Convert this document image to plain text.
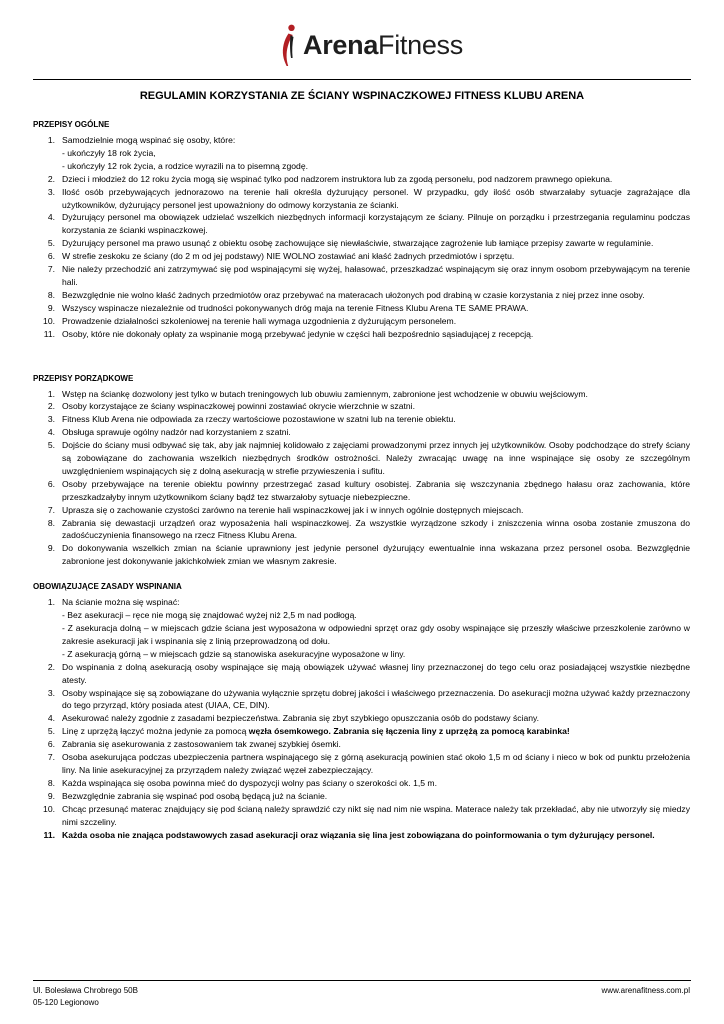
ArenaFitness
REGULAMIN KORZYSTANIA ZE ŚCIANY WSPINACZKOWEJ FITNESS KLUBU ARENA
PRZEPISY OGÓLNE
Samodzielnie mogą wspinać się osoby, które:
- ukończyły 18 rok życia,
- ukończyły 12 rok życia, a rodzice wyrazili na to pisemną zgodę.
Dzieci i młodzież do 12 roku życia mogą się wspinać tylko pod nadzorem instruktora lub za zgodą personelu, pod nadzorem prawnego opiekuna.
Ilość osób przebywających jednorazowo na terenie hali określa dyżurujący personel. W przypadku, gdy ilość osób stwarzałaby sytuacje zagrażające dla użytkowników, dyżurujący personel jest upoważniony do odmowy korzystania ze ścianki.
Dyżurujący personel ma obowiązek udzielać wszelkich niezbędnych informacji korzystającym ze ściany. Pilnuje on porządku i przestrzegania regulaminu podczas korzystania ze ścianki wspinaczkowej.
Dyżurujący personel ma prawo usunąć z obiektu osobę zachowujące się niewłaściwie, stwarzające zagrożenie lub łamiące przepisy zawarte w regulaminie.
W strefie zeskoku ze ściany (do 2 m od jej podstawy) NIE WOLNO zostawiać ani kłaść żadnych przedmiotów i sprzętu.
Nie należy przechodzić ani zatrzymywać się pod wspinającymi się wyżej, hałasować, przeszkadzać wspinającym się oraz innym osobom przebywającym na terenie hali.
Bezwzględnie nie wolno kłaść żadnych przedmiotów oraz przebywać na materacach ułożonych pod drabiną w czasie korzystania z niej przez inne osoby.
Wszyscy wspinacze niezależnie od trudności pokonywanych dróg maja na terenie Fitness Klubu Arena TE SAME PRAWA.
Prowadzenie działalności szkoleniowej na terenie hali wymaga uzgodnienia z dyżurującym personelem.
Osoby, które nie dokonały opłaty za wspinanie mogą przebywać jedynie w części hali bezpośrednio sąsiadującej z recepcją.
PRZEPISY PORZĄDKOWE
Wstęp na ściankę dozwolony jest tylko w butach treningowych lub obuwiu zamiennym, zabronione jest wchodzenie w obuwiu wejściowym.
Osoby korzystające ze ściany wspinaczkowej powinni zostawiać okrycie wierzchnie w szatni.
Fitness Klub Arena nie odpowiada za rzeczy wartościowe pozostawione w szatni lub na terenie obiektu.
Obsługa sprawuje ogólny nadzór nad korzystaniem z szatni.
Dojście do ściany musi odbywać się tak, aby jak najmniej kolidowało z zajęciami prowadzonymi przez innych jej użytkowników. Osoby podchodzące do strefy ściany są zobowiązane do zachowania wszelkich niezbędnych środków ostrożności. Należy zwracając uwagę na inne wspinające się osoby ze szczególnym uwzględnieniem wspinających się z dolną asekuracją w strefie przywieszenia i sufitu.
Osoby przebywające na terenie obiektu powinny przestrzegać zasad kultury osobistej. Zabrania się wszczynania zbędnego hałasu oraz zachowania, które przeszkadzałyby innym użytkownikom ściany bądź tez stwarzałoby sytuacje niebezpieczne.
Uprasza się o zachowanie czystości zarówno na terenie hali wspinaczkowej jak i w innych ogólnie dostępnych miejscach.
Zabrania się dewastacji urządzeń oraz wyposażenia hali wspinaczkowej. Za wszystkie wyrządzone szkody i zniszczenia winna osoba zostanie zmuszona do zadośćuczynienia finansowego na rzecz Fitness Klubu Arena.
Do dokonywania wszelkich zmian na ścianie uprawniony jest jedynie personel dyżurujący ewentualnie inna wskazana przez personel osoba. Bezwzględnie zabronione jest dokonywanie jakichkolwiek zmian we własnym zakresie.
OBOWIĄZUJĄCE ZASADY WSPINANIA
Na ścianie można się wspinać:
- Bez asekuracji – ręce nie mogą się znajdować wyżej niż 2,5 m nad podłogą.
- Z asekuracja dolną – w miejscach gdzie ściana jest wyposażona w odpowiedni sprzęt oraz gdy osoby wspinające się przeszły właściwe przeszkolenie zarówno w zakresie asekuracji jak i wspinania się z linią przeprowadzoną od dołu.
- Z asekuracją górną – w miejscach gdzie są stanowiska asekuracyjne wyposażone w liny.
Do wspinania z dolną asekuracją osoby wspinające się mają obowiązek używać własnej liny przeznaczonej do tego celu oraz posiadającej wszystkie niezbędne atesty.
Osoby wspinające się są zobowiązane do używania wyłącznie sprzętu dobrej jakości i właściwego przeznaczenia. Do asekuracji można używać każdy przeznaczony do tego przyrząd, który posiada atest (UIAA, CE, DIN).
Asekurować należy zgodnie z zasadami bezpieczeństwa. Zabrania się zbyt szybkiego opuszczania osób do podstawy ściany.
Linę z uprzężą łączyć można jedynie za pomocą węzła ósemkowego. Zabrania się łączenia liny z uprzężą za pomocą karabinka!
Zabrania się asekurowania z zastosowaniem tak zwanej szybkiej ósemki.
Osoba asekurująca podczas ubezpieczenia partnera wspinającego się z górną asekuracją powinien stać około 1,5 m od ściany i nieco w bok od punktu przełożenia liny. Na linie asekuracyjnej za przyrządem należy związać węzeł zabezpieczający.
Każda wspinająca się osoba powinna mieć do dyspozycji wolny pas ściany o szerokości ok. 1,5 m.
Bezwzględnie zabrania się wspinać pod osobą będącą już na ścianie.
Chcąc przesunąć materac znajdujący się pod ścianą należy sprawdzić czy nikt się nad nim nie wspina. Materace należy tak przekładać, aby nie utworzyły się miedzy nimi szczeliny.
Każda osoba nie znająca podstawowych zasad asekuracji oraz wiązania się lina jest zobowiązana do poinformowania o tym dyżurujący personel.
Ul. Bolesława Chrobrego 50B
05-120 Legionowo
www.arenafitness.com.pl
